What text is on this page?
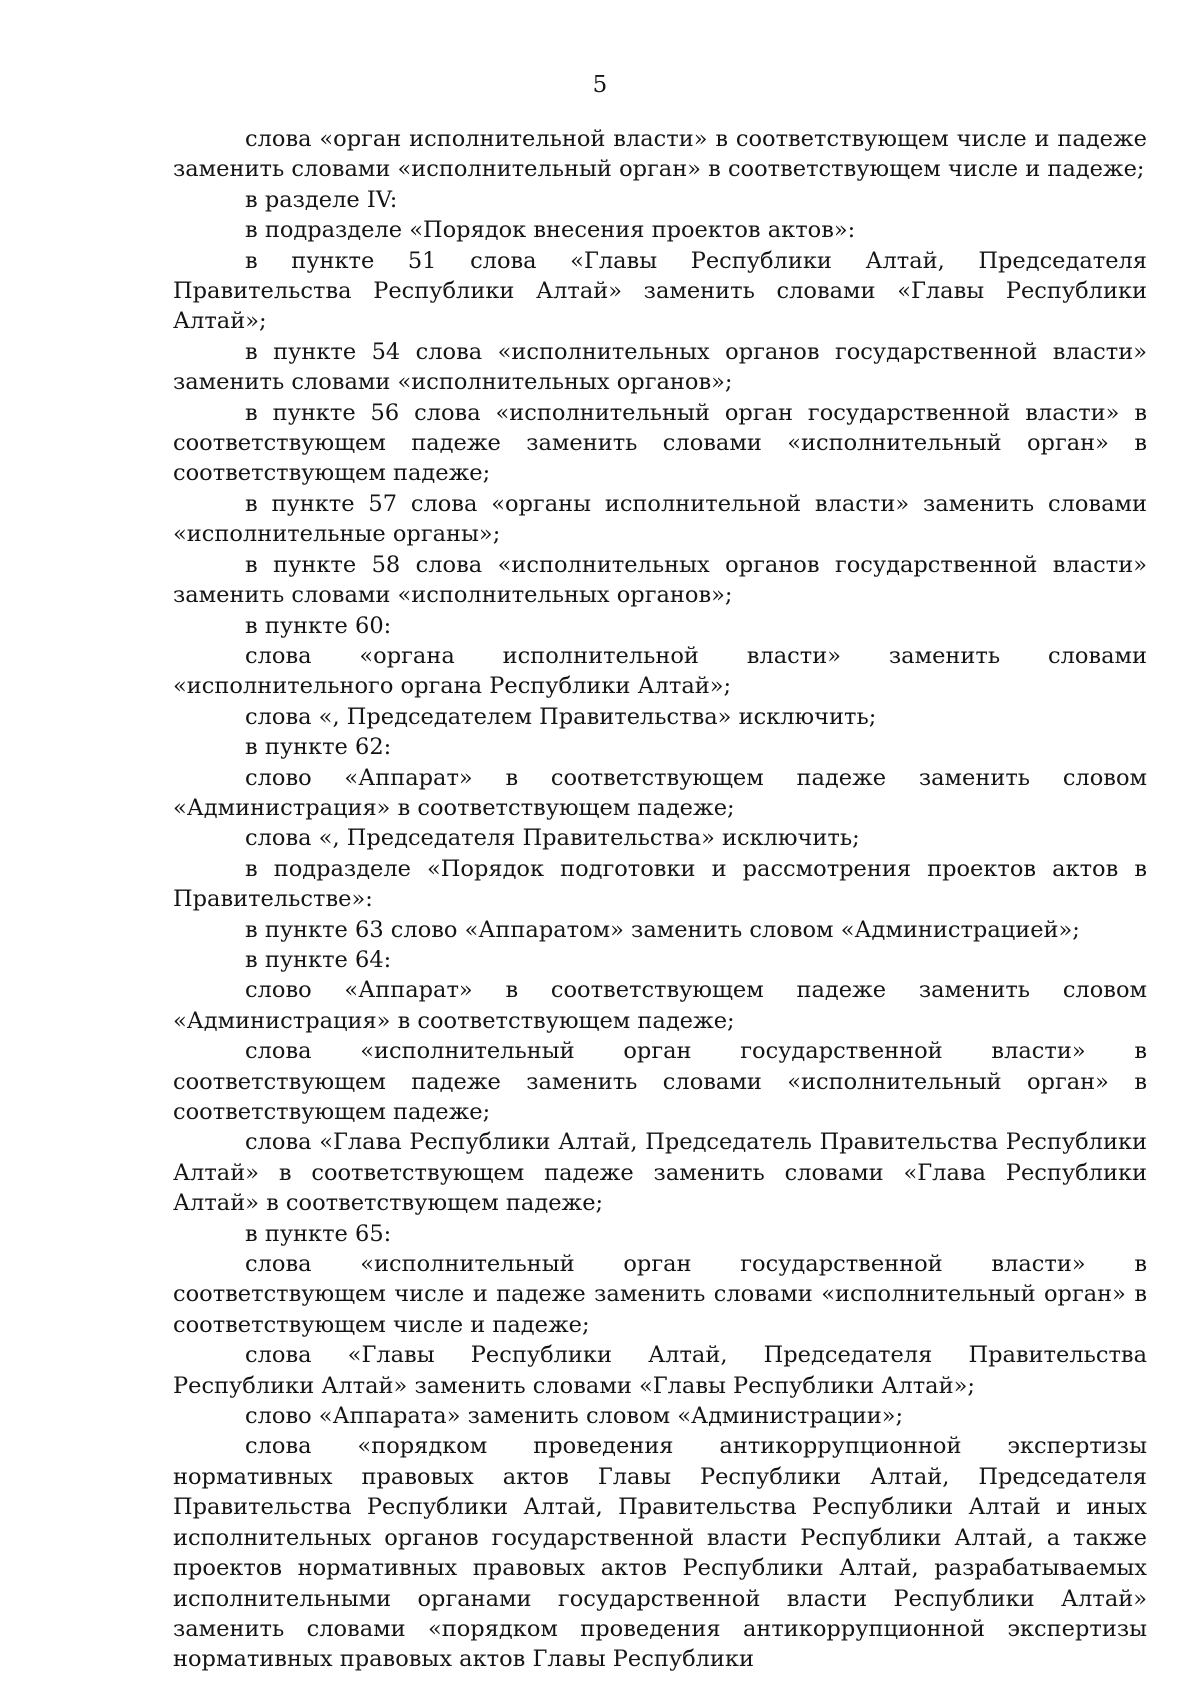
5

слова «орган исполнительной власти» в соответствующем числе и падеже заменить словами «исполнительный орган» в соответствующем числе и падеже;

в разделе IV:

в подразделе «Порядок внесения проектов актов»:

в пункте 51 слова «Главы Республики Алтай, Председателя Правительства Республики Алтай» заменить словами «Главы Республики Алтай»;

в пункте 54 слова «исполнительных органов государственной власти» заменить словами «исполнительных органов»;

в пункте 56 слова «исполнительный орган государственной власти» в соответствующем падеже заменить словами «исполнительный орган» в соответствующем падеже;

в пункте 57 слова «органы исполнительной власти» заменить словами «исполнительные органы»;

в пункте 58 слова «исполнительных органов государственной власти» заменить словами «исполнительных органов»;

в пункте 60:

слова «органа исполнительной власти» заменить словами «исполнительного органа Республики Алтай»;

слова «, Председателем Правительства» исключить;

в пункте 62:

слово «Аппарат» в соответствующем падеже заменить словом «Администрация» в соответствующем падеже;

слова «, Председателя Правительства» исключить;

в подразделе «Порядок подготовки и рассмотрения проектов актов в Правительстве»:

в пункте 63 слово «Аппаратом» заменить словом «Администрацией»;

в пункте 64:

слово «Аппарат» в соответствующем падеже заменить словом «Администрация» в соответствующем падеже;

слова «исполнительный орган государственной власти» в соответствующем падеже заменить словами «исполнительный орган» в соответствующем падеже;

слова «Глава Республики Алтай, Председатель Правительства Республики Алтай» в соответствующем падеже заменить словами «Глава Республики Алтай» в соответствующем падеже;

в пункте 65:

слова «исполнительный орган государственной власти» в соответствующем числе и падеже заменить словами «исполнительный орган» в соответствующем числе и падеже;

слова «Главы Республики Алтай, Председателя Правительства Республики Алтай» заменить словами «Главы Республики Алтай»;

слово «Аппарата» заменить словом «Администрации»;

слова «порядком проведения антикоррупционной экспертизы нормативных правовых актов Главы Республики Алтай, Председателя Правительства Республики Алтай, Правительства Республики Алтай и иных исполнительных органов государственной власти Республики Алтай, а также проектов нормативных правовых актов Республики Алтай, разрабатываемых исполнительными органами государственной власти Республики Алтай» заменить словами «порядком проведения антикоррупционной экспертизы нормативных правовых актов Главы Республики
